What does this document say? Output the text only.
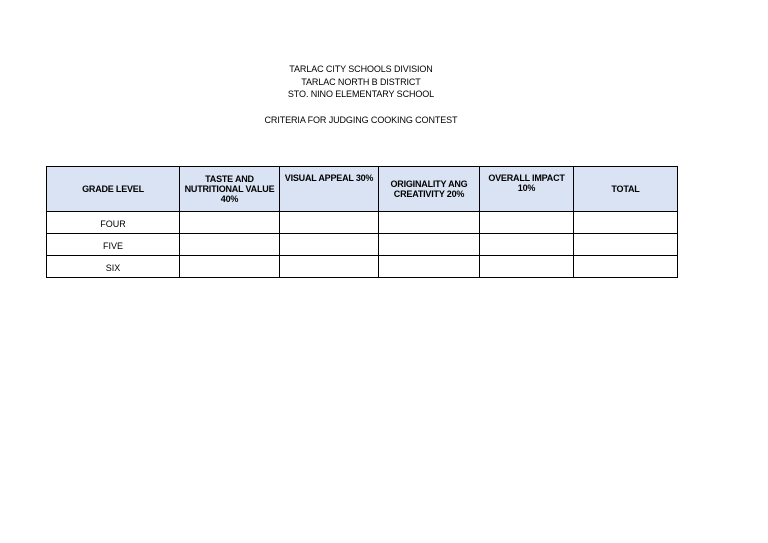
TARLAC CITY SCHOOLS DIVISION
TARLAC NORTH B DISTRICT
STO. NINO ELEMENTARY SCHOOL
CRITERIA FOR JUDGING COOKING CONTEST
GRADE LEVEL	TASTE AND NUTRITIONAL VALUE 40%	VISUAL APPEAL 30%	ORIGINALITY ANG CREATIVITY 20%	OVERALL IMPACT 10%	TOTAL
FOUR					
FIVE					
SIX					
